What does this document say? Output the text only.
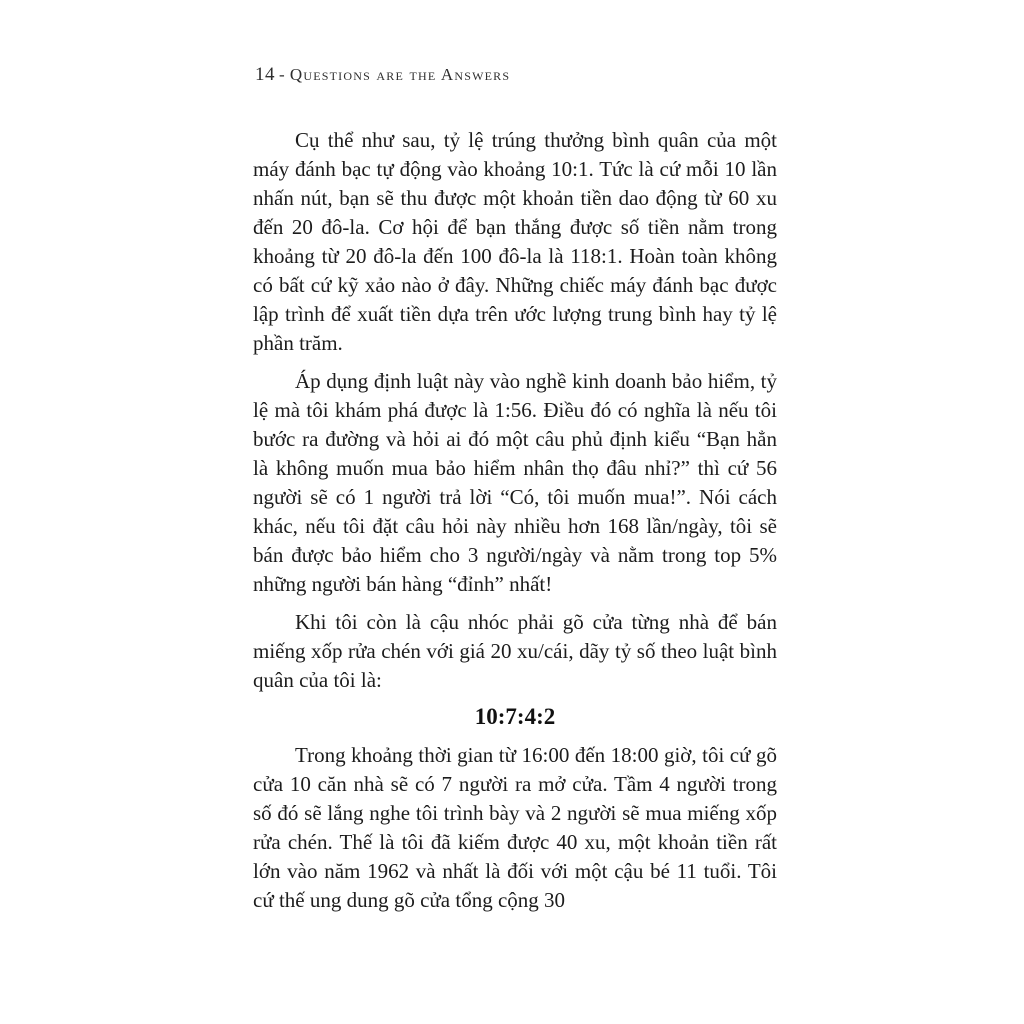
14 - Questions are the Answers

Cụ thể như sau, tỷ lệ trúng thưởng bình quân của một máy đánh bạc tự động vào khoảng 10:1. Tức là cứ mỗi 10 lần nhấn nút, bạn sẽ thu được một khoản tiền dao động từ 60 xu đến 20 đô-la. Cơ hội để bạn thắng được số tiền nằm trong khoảng từ 20 đô-la đến 100 đô-la là 118:1. Hoàn toàn không có bất cứ kỹ xảo nào ở đây. Những chiếc máy đánh bạc được lập trình để xuất tiền dựa trên ước lượng trung bình hay tỷ lệ phần trăm.

Áp dụng định luật này vào nghề kinh doanh bảo hiểm, tỷ lệ mà tôi khám phá được là 1:56. Điều đó có nghĩa là nếu tôi bước ra đường và hỏi ai đó một câu phủ định kiểu “Bạn hẳn là không muốn mua bảo hiểm nhân thọ đâu nhỉ?” thì cứ 56 người sẽ có 1 người trả lời “Có, tôi muốn mua!”. Nói cách khác, nếu tôi đặt câu hỏi này nhiều hơn 168 lần/ngày, tôi sẽ bán được bảo hiểm cho 3 người/ngày và nằm trong top 5% những người bán hàng “đỉnh” nhất!

Khi tôi còn là cậu nhóc phải gõ cửa từng nhà để bán miếng xốp rửa chén với giá 20 xu/cái, dãy tỷ số theo luật bình quân của tôi là:

10:7:4:2

Trong khoảng thời gian từ 16:00 đến 18:00 giờ, tôi cứ gõ cửa 10 căn nhà sẽ có 7 người ra mở cửa. Tầm 4 người trong số đó sẽ lắng nghe tôi trình bày và 2 người sẽ mua miếng xốp rửa chén. Thế là tôi đã kiếm được 40 xu, một khoản tiền rất lớn vào năm 1962 và nhất là đối với một cậu bé 11 tuổi. Tôi cứ thế ung dung gõ cửa tổng cộng 30
